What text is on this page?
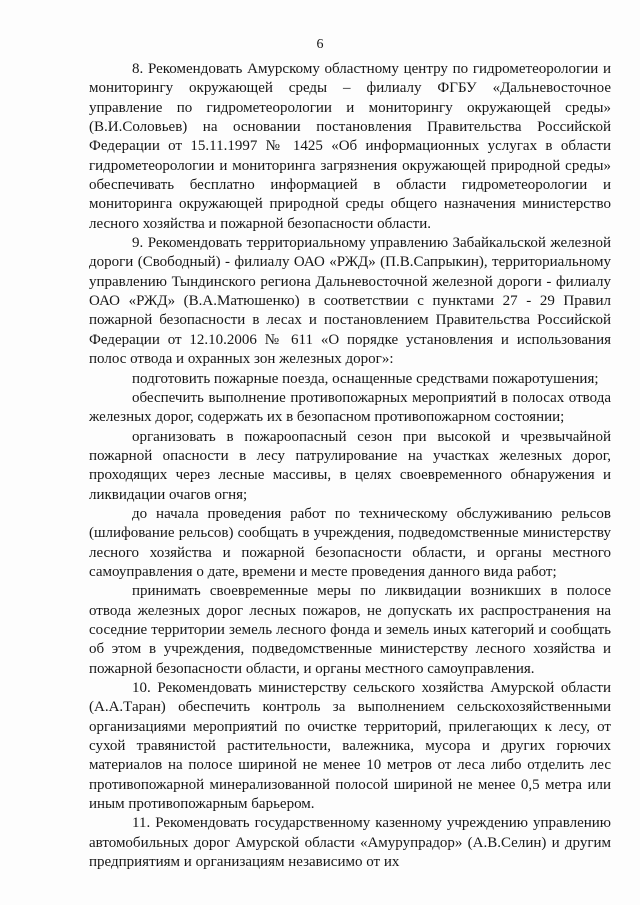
6

8. Рекомендовать Амурскому областному центру по гидрометеорологии и мониторингу окружающей среды – филиалу ФГБУ «Дальневосточное управление по гидрометеорологии и мониторингу окружающей среды» (В.И.Соловьев) на основании постановления Правительства Российской Федерации от 15.11.1997 № 1425 «Об информационных услугах в области гидрометеорологии и мониторинга загрязнения окружающей природной среды» обеспечивать бесплатно информацией в области гидрометеорологии и мониторинга окружающей природной среды общего назначения министерство лесного хозяйства и пожарной безопасности области.

9. Рекомендовать территориальному управлению Забайкальской железной дороги (Свободный) - филиалу ОАО «РЖД» (П.В.Сапрыкин), территориальному управлению Тындинского региона Дальневосточной железной дороги - филиалу ОАО «РЖД» (В.А.Матюшенко) в соответствии с пунктами 27 - 29 Правил пожарной безопасности в лесах и постановлением Правительства Российской Федерации от 12.10.2006 № 611 «О порядке установления и использования полос отвода и охранных зон железных дорог»:

подготовить пожарные поезда, оснащенные средствами пожаротушения;

обеспечить выполнение противопожарных мероприятий в полосах отвода железных дорог, содержать их в безопасном противопожарном состоянии;

организовать в пожароопасный сезон при высокой и чрезвычайной пожарной опасности в лесу патрулирование на участках железных дорог, проходящих через лесные массивы, в целях своевременного обнаружения и ликвидации очагов огня;

до начала проведения работ по техническому обслуживанию рельсов (шлифование рельсов) сообщать в учреждения, подведомственные министерству лесного хозяйства и пожарной безопасности области, и органы местного самоуправления о дате, времени и месте проведения данного вида работ;

принимать своевременные меры по ликвидации возникших в полосе отвода железных дорог лесных пожаров, не допускать их распространения на соседние территории земель лесного фонда и земель иных категорий и сообщать об этом в учреждения, подведомственные министерству лесного хозяйства и пожарной безопасности области, и органы местного самоуправления.

10. Рекомендовать министерству сельского хозяйства Амурской области (А.А.Таран) обеспечить контроль за выполнением сельскохозяйственными организациями мероприятий по очистке территорий, прилегающих к лесу, от сухой травянистой растительности, валежника, мусора и других горючих материалов на полосе шириной не менее 10 метров от леса либо отделить лес противопожарной минерализованной полосой шириной не менее 0,5 метра или иным противопожарным барьером.

11. Рекомендовать государственному казенному учреждению управлению автомобильных дорог Амурской области «Амурупрадор» (А.В.Селин) и другим предприятиям и организациям независимо от их
